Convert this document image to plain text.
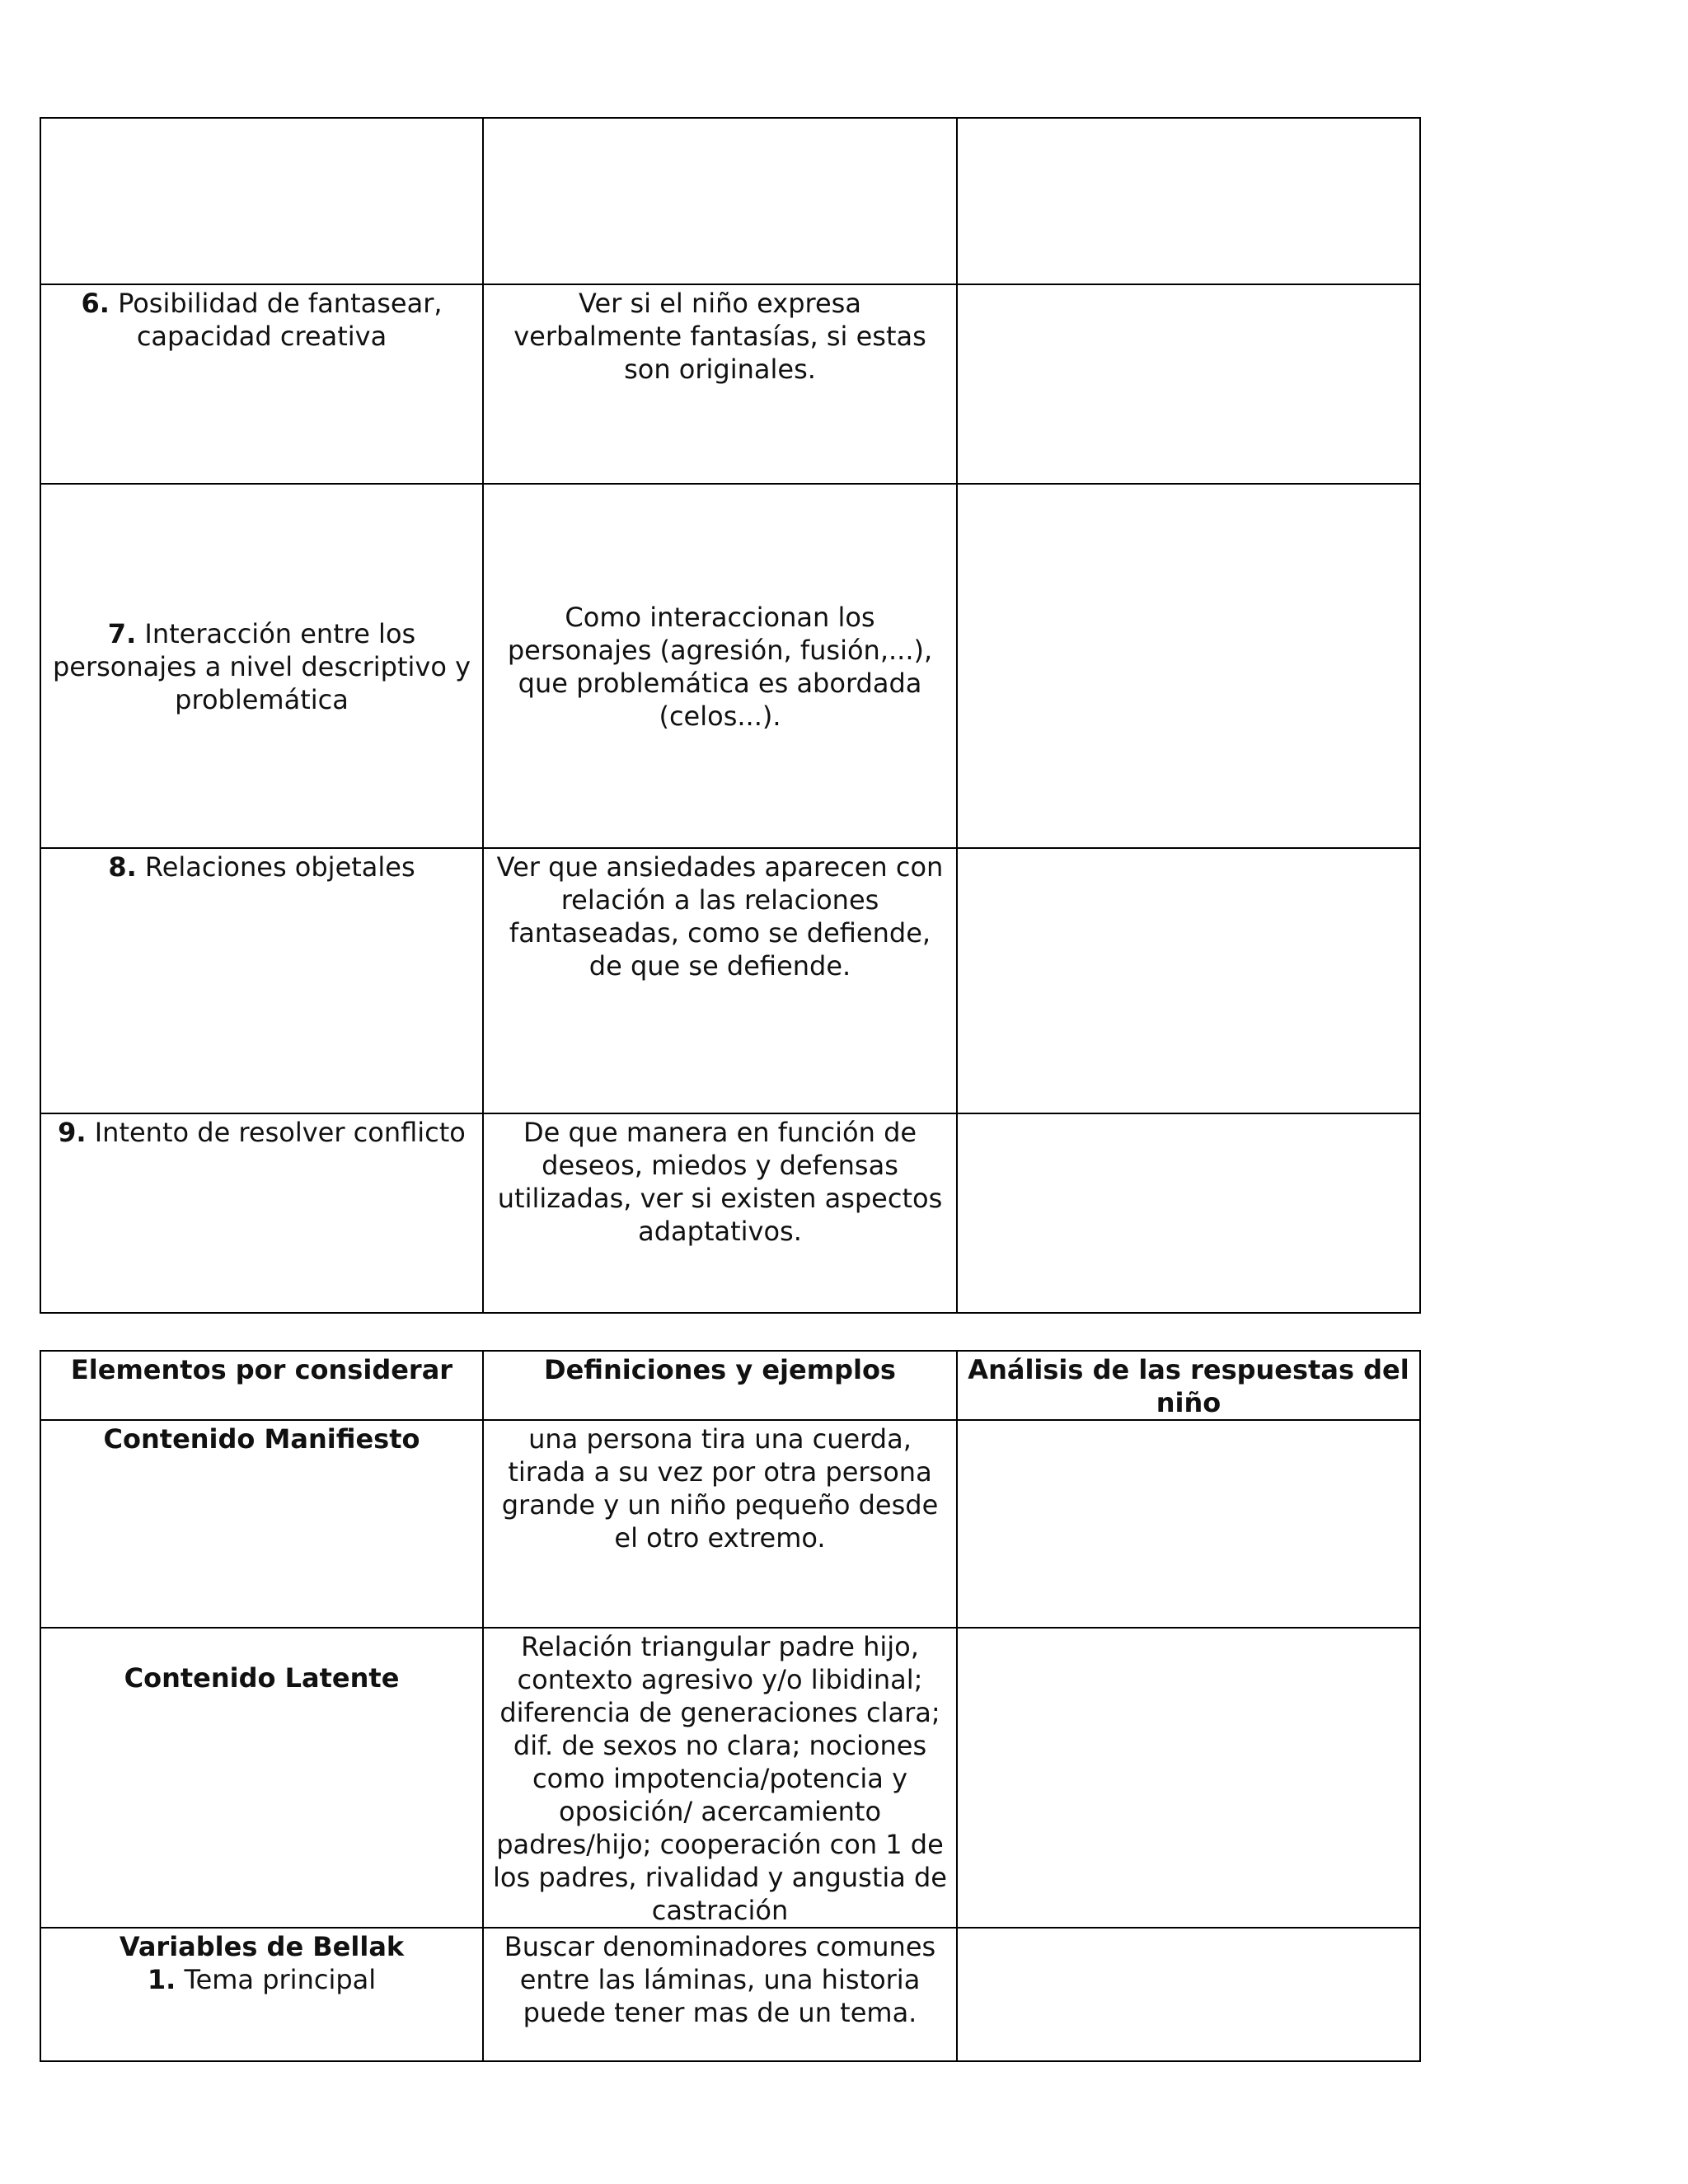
6. Posibilidad de fantasear, capacidad creativa	Ver si el niño expresa verbalmente fantasías, si estas son originales.	
7. Interacción entre los personajes a nivel descriptivo y problemática	Como interaccionan los personajes (agresión, fusión,...), que problemática es abordada (celos...).	
8. Relaciones objetales	Ver que ansiedades aparecen con relación a las relaciones fantaseadas, como se defiende, de que se defiende.	
9. Intento de resolver conflicto	De que manera en función de deseos, miedos y defensas utilizadas, ver si existen aspectos adaptativos.	
Elementos por considerar	Definiciones y ejemplos	Análisis de las respuestas del niño
Contenido Manifiesto	una persona tira una cuerda, tirada a su vez por otra persona grande y un niño pequeño desde el otro extremo.	

Contenido Latente	Relación triangular padre hijo, contexto agresivo y/o libidinal; diferencia de generaciones clara; dif. de sexos no clara; nociones como impotencia/potencia y oposición/ acercamiento padres/hijo; cooperación con 1 de los padres, rivalidad y angustia de castración	
Variables de Bellak
1. Tema principal	Buscar denominadores comunes entre las láminas, una historia puede tener mas de un tema.	
